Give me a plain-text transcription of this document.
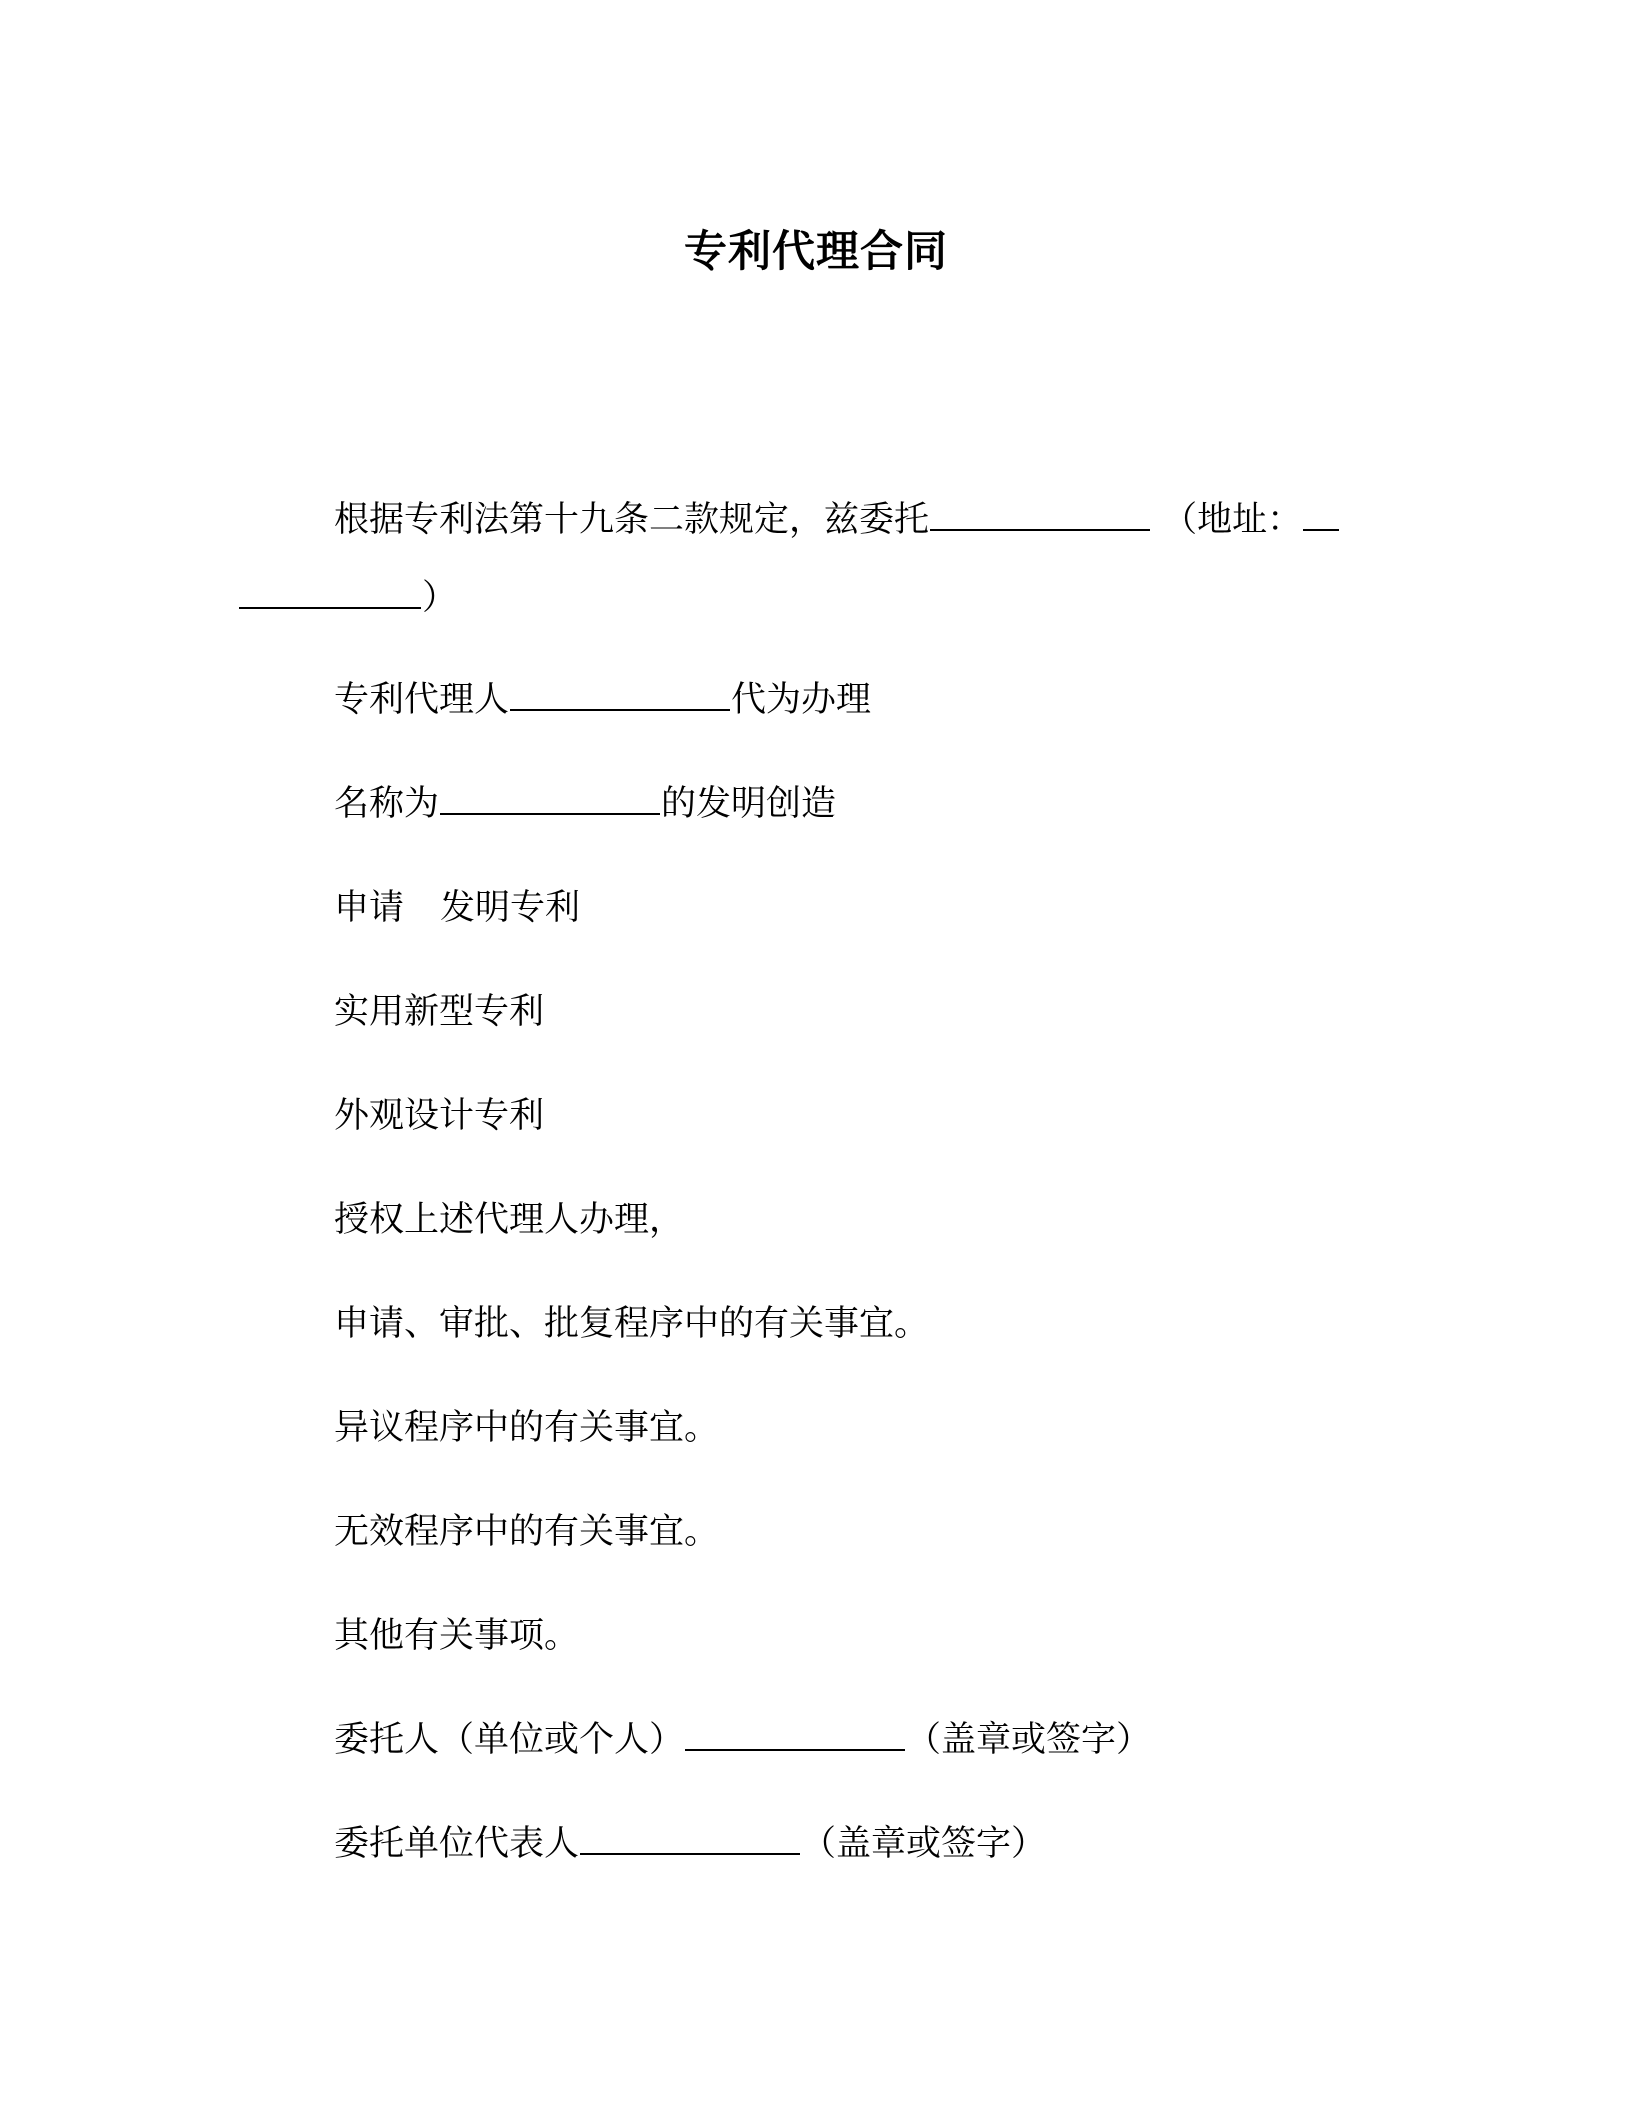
专利代理合同
根据专利法第十九条二款规定，兹委托	（地址：
）
专利代理人	代为办理
名称为	的发明创造
申请 发明专利
实用新型专利
外观设计专利
授权上述代理人办理，
申请、审批、批复程序中的有关事宜。
异议程序中的有关事宜。
无效程序中的有关事宜。
其他有关事项。
委托人（单位或个人）	（盖章或签字）
委托单位代表人	（盖章或签字）
